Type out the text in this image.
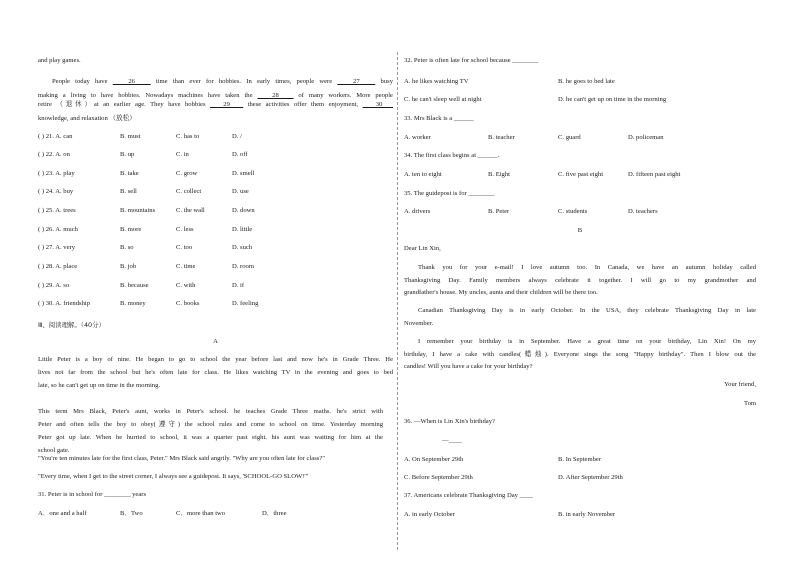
and play games.
People today have    26    time than ever for hobbies. In early times, people were    27    busy
making a living to have hobbies. Nowadays machines have taken the    28    of many workers. More people
retire （退休）at an earlier age. They have hobbies    29    these activities offer them enjoyment,    30
knowledge, and relaxation （放松）
( ) 21. A. can	B. must	C. has to	D. /
( ) 22. A. on	B. up	C. in	D. off
( ) 23. A. play	B. take	C. grow	D. smell
( ) 24. A. buy	B. sell	C. collect	D. use
( ) 25. A. trees	B. mountains	C. the wall	D. down
( ) 26. A. much	B. more	C. less	D. little
( ) 27. A. very	B. so	C. too	D. such
( ) 28. A. place	B. job	C. time	D. room
( ) 29. A. so	B. because	C. with	D. if
( ) 30. A. friendship	B. money	C. books	D. feeling
Ⅲ、阅读理解。（40分）
A
Little Peter is a boy of nine. He began to go to school the year before last and now he's in Grade Three. He
lives not far from the school but he's often late for class. He likes watching TV in the evening and goes to bed
late, so he can't get up on time in the morning.
This term Mrs Black, Peter's aunt, works in Peter's school. he teaches Grade Three maths. he's strict with
Peter and often tells the boy to obey(遵守) the school rules and come to school on time. Yesterday morning
Peter got up late. When he hurried to school, it was a quarter past eight. his aunt was waiting for him at the
school gate.
"You're ten minutes late for the first class, Peter." Mrs Black said angrily. "Why are you often late for class?"
"Every time, when I get to the street corner, I always see a guidepost. It says, 'SCHOOL-GO SLOW!'"
31. Peter is in school for ________ years
A．one and a half	B．Two	C．more than two	D．three
32. Peter is often late for school because ________
A. he likes watching TV	B. he goes to bed late
C. he can't sleep well at night	D. he can't get up on time in the morning
33. Mrs Black is a ______
A. worker	B. teacher	C. guard	D. policeman
34. The first class begins at ______.
A. ten to eight	B. Eight	C. five past eight	D. fifteen past eight
35. The guidepost is for ________
A. drivers	B. Peter	C. students	D. teachers
B
Dear Lin Xin,
Thank you for your e-mail! I love autumn too. In Canada, we have an autumn holiday called
Thanksgiving Day. Family members always celebrate it together. I will go to my grandmother and
grandfather's house. My uncles, aunts and their children will be there too.
Canadian Thanksgiving Day is in early October. In the USA, they celebrate Thanksgiving Day in late
November.
I remember your birthday is in September. Have a great time on your birthday, Lin Xin! On my
birthday, I have a cake with candles(蜡烛). Everyone sings the song "Happy birthday". Then I blow out the
candles! Will you have a cake for your birthday?
Your friend,
Tom
36. —When is Lin Xin's birthday?
—____
A. On September 29th	B. In September
C. Before September 29th	D. After September 29th
37. Americans celebrate Thanksgiving Day ____
A. in early October	B. in early November
